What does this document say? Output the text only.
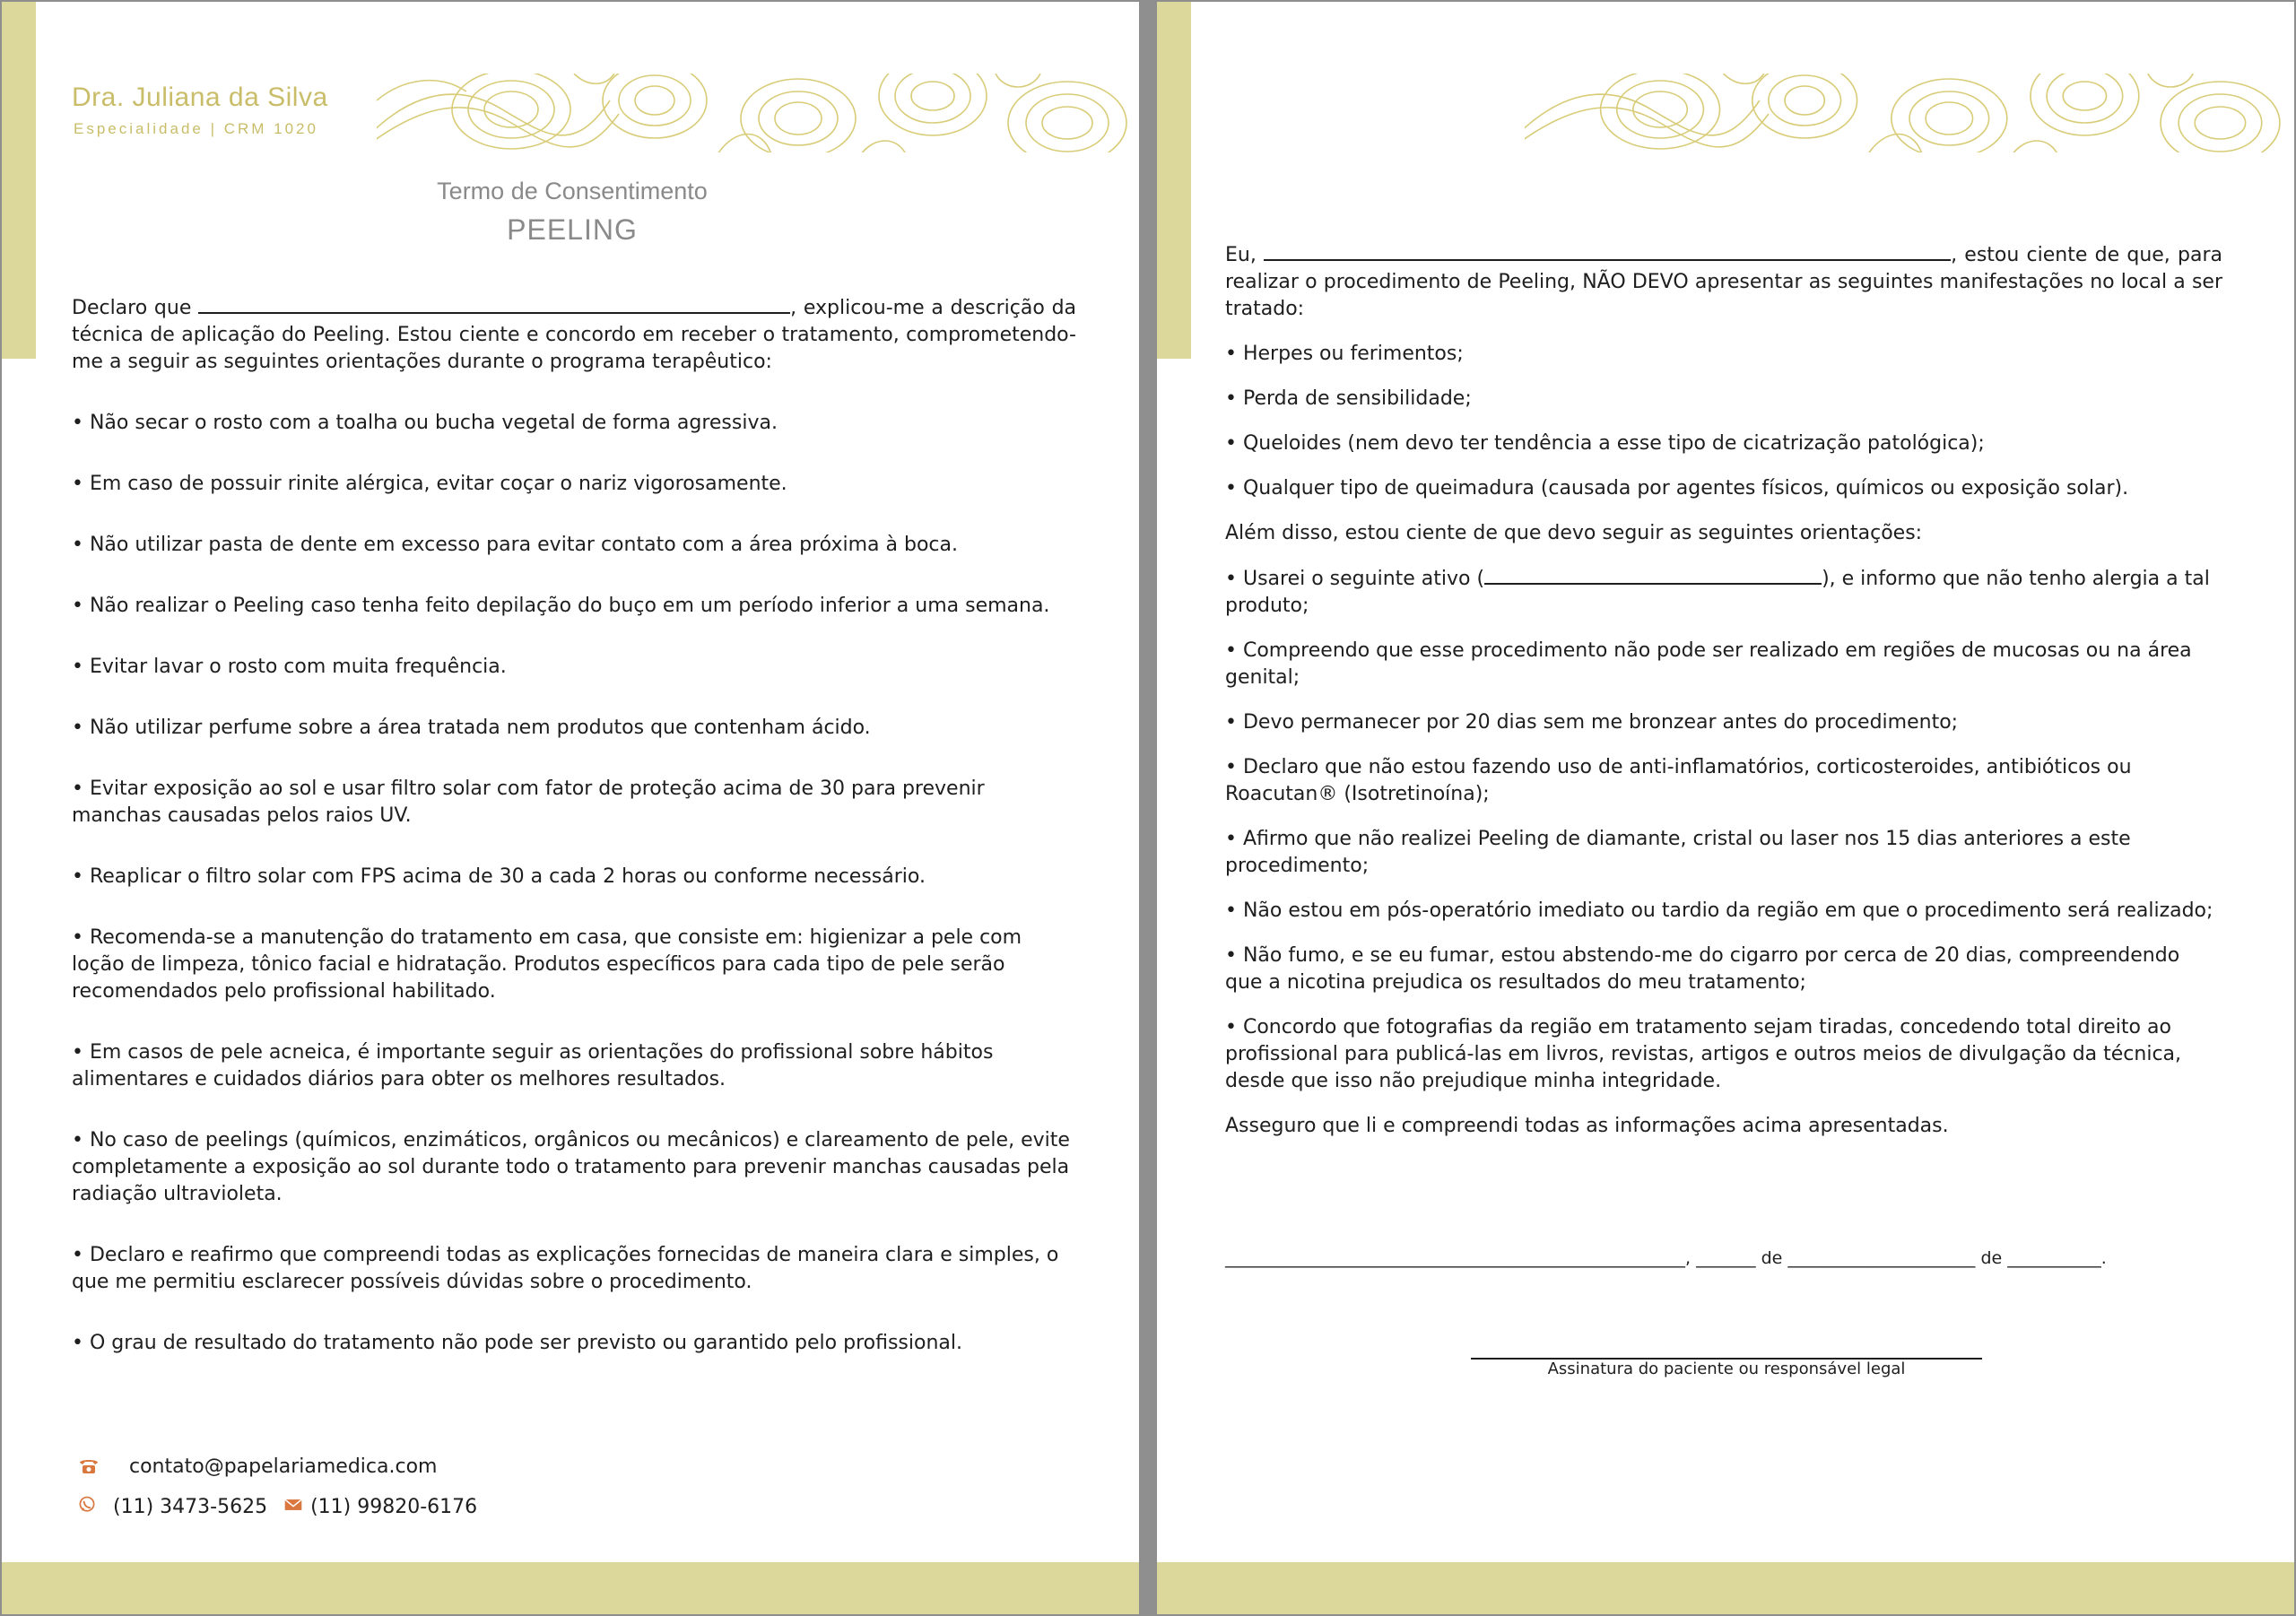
Dra. Juliana da Silva
Especialidade | CRM 1020
Termo de Consentimento
PEELING

Declaro que	, explicou-me a descrição da técnica de aplicação do Peeling. Estou ciente e concordo em receber o tratamento, comprometendo-me a seguir as seguintes orientações durante o programa terapêutico:

• Não secar o rosto com a toalha ou bucha vegetal de forma agressiva.

• Em caso de possuir rinite alérgica, evitar coçar o nariz vigorosamente.

• Não utilizar pasta de dente em excesso para evitar contato com a área próxima à boca.

• Não realizar o Peeling caso tenha feito depilação do buço em um período inferior a uma semana.

• Evitar lavar o rosto com muita frequência.

• Não utilizar perfume sobre a área tratada nem produtos que contenham ácido.

• Evitar exposição ao sol e usar filtro solar com fator de proteção acima de 30 para prevenir manchas causadas pelos raios UV.

• Reaplicar o filtro solar com FPS acima de 30 a cada 2 horas ou conforme necessário.

• Recomenda-se a manutenção do tratamento em casa, que consiste em: higienizar a pele com loção de limpeza, tônico facial e hidratação. Produtos específicos para cada tipo de pele serão recomendados pelo profissional habilitado.

• Em casos de pele acneica, é importante seguir as orientações do profissional sobre hábitos alimentares e cuidados diários para obter os melhores resultados.

• No caso de peelings (químicos, enzimáticos, orgânicos ou mecânicos) e clareamento de pele, evite completamente a exposição ao sol durante todo o tratamento para prevenir manchas causadas pela radiação ultravioleta.

• Declaro e reafirmo que compreendi todas as explicações fornecidas de maneira clara e simples, o que me permitiu esclarecer possíveis dúvidas sobre o procedimento.

• O grau de resultado do tratamento não pode ser previsto ou garantido pelo profissional.

contato@papelariamedica.com
(11) 3473-5625 (11) 99820-6176

Eu,	, estou ciente de que, para realizar o procedimento de Peeling, NÃO DEVO apresentar as seguintes manifestações no local a ser tratado:

• Herpes ou ferimentos;

• Perda de sensibilidade;

• Queloides (nem devo ter tendência a esse tipo de cicatrização patológica);

• Qualquer tipo de queimadura (causada por agentes físicos, químicos ou exposição solar).

Além disso, estou ciente de que devo seguir as seguintes orientações:

• Usarei o seguinte ativo (	), e informo que não tenho alergia a tal produto;

• Compreendo que esse procedimento não pode ser realizado em regiões de mucosas ou na área genital;

• Devo permanecer por 20 dias sem me bronzear antes do procedimento;

• Declaro que não estou fazendo uso de anti-inflamatórios, corticosteroides, antibióticos ou Roacutan® (Isotretinoína);

• Afirmo que não realizei Peeling de diamante, cristal ou laser nos 15 dias anteriores a este procedimento;

• Não estou em pós-operatório imediato ou tardio da região em que o procedimento será realizado;

• Não fumo, e se eu fumar, estou abstendo-me do cigarro por cerca de 20 dias, compreendendo que a nicotina prejudica os resultados do meu tratamento;

• Concordo que fotografias da região em tratamento sejam tiradas, concedendo total direito ao profissional para publicá-las em livros, revistas, artigos e outros meios de divulgação da técnica, desde que isso não prejudique minha integridade.

Asseguro que li e compreendi todas as informações acima apresentadas.

______________________________________________________, _______ de ______________________ de ___________.
Assinatura do paciente ou responsável legal
